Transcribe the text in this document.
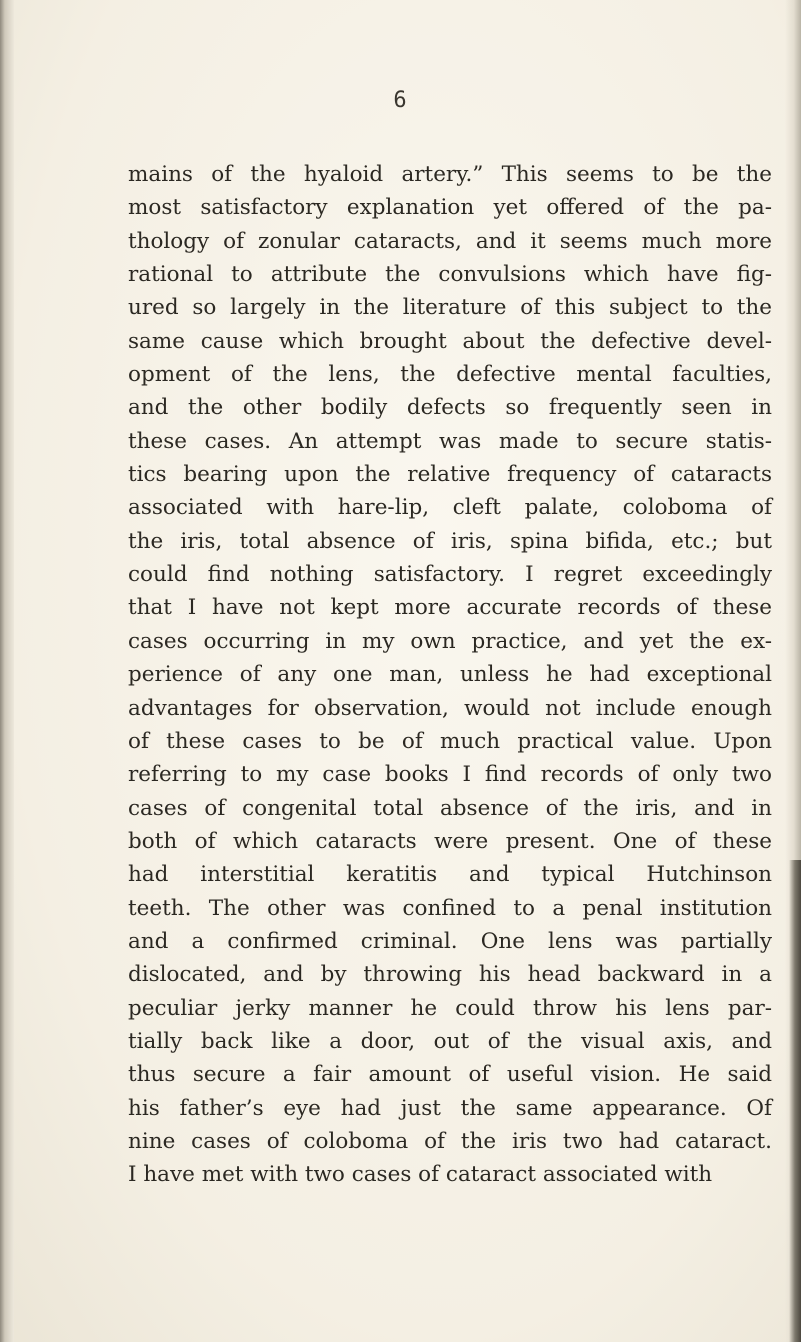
6
mains of the hyaloid artery.” This seems to be the
most satisfactory explanation yet offered of the pa-
thology of zonular cataracts, and it seems much more
rational to attribute the convulsions which have fig-
ured so largely in the literature of this subject to the
same cause which brought about the defective devel-
opment of the lens, the defective mental faculties,
and the other bodily defects so frequently seen in
these cases. An attempt was made to secure statis-
tics bearing upon the relative frequency of cataracts
associated with hare-lip, cleft palate, coloboma of
the iris, total absence of iris, spina bifida, etc.; but
could find nothing satisfactory. I regret exceedingly
that I have not kept more accurate records of these
cases occurring in my own practice, and yet the ex-
perience of any one man, unless he had exceptional
advantages for observation, would not include enough
of these cases to be of much practical value. Upon
referring to my case books I find records of only two
cases of congenital total absence of the iris, and in
both of which cataracts were present. One of these
had interstitial keratitis and typical Hutchinson
teeth. The other was confined to a penal institution
and a confirmed criminal. One lens was partially
dislocated, and by throwing his head backward in a
peculiar jerky manner he could throw his lens par-
tially back like a door, out of the visual axis, and
thus secure a fair amount of useful vision. He said
his father’s eye had just the same appearance. Of
nine cases of coloboma of the iris two had cataract.
I have met with two cases of cataract associated with
